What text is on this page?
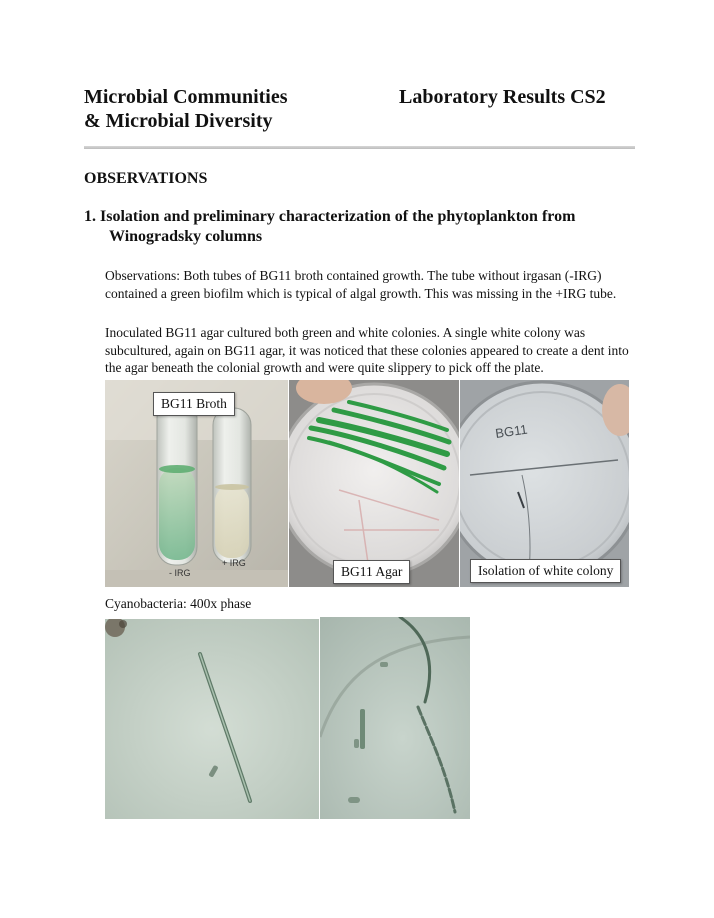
Microbial Communities
& Microbial Diversity
Laboratory Results CS2
OBSERVATIONS
1. Isolation and preliminary characterization of the phytoplankton from
Winogradsky columns
Observations: Both tubes of BG11 broth contained growth. The tube without irgasan (-IRG) contained a green biofilm which is typical of algal growth. This was missing in the +IRG tube.
Inoculated BG11 agar cultured both green and white colonies. A single white colony was subcultured, again on BG11 agar, it was noticed that these colonies appeared to create a dent into the agar beneath the colonial growth and were quite slippery to pick off the plate.
- IRG
+ IRG
BG11
BG11 Broth
BG11 Agar	Isolation of white colony
Cyanobacteria: 400x phase
